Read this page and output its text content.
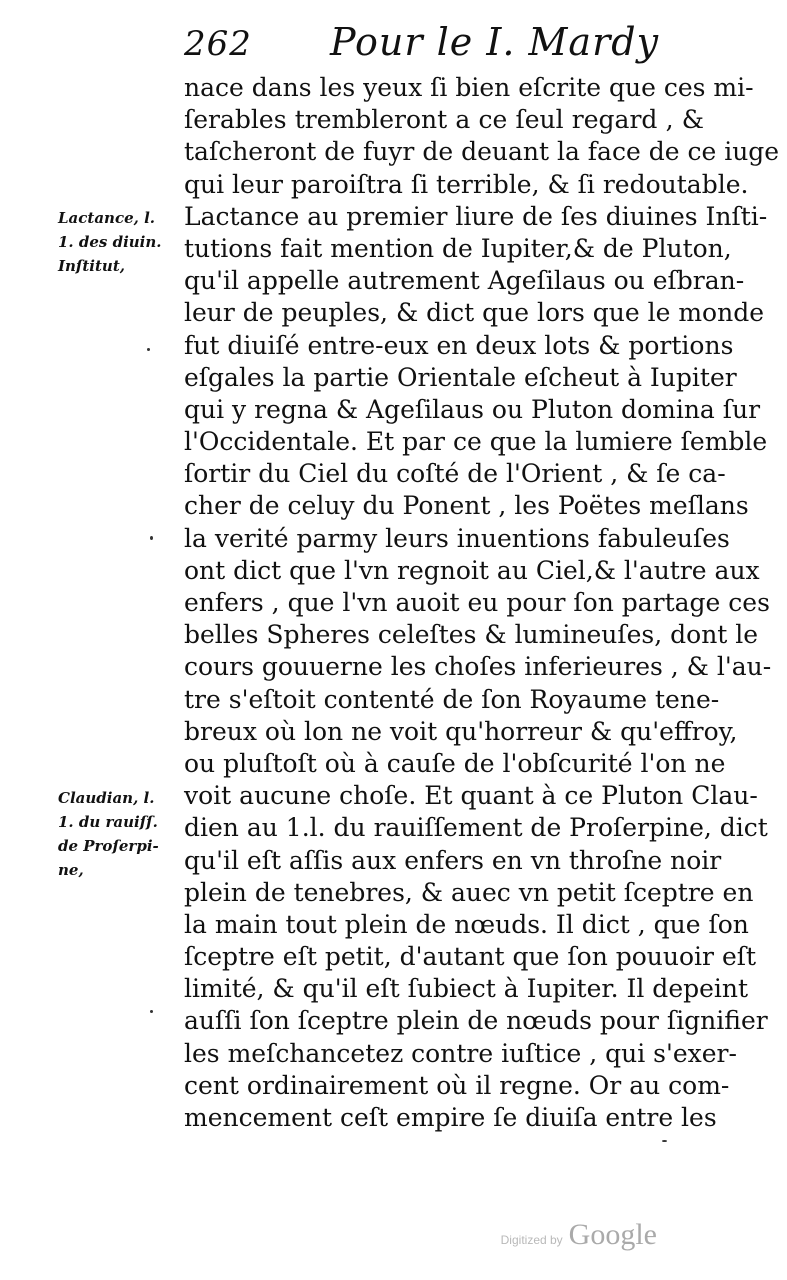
262 Pour le I. Mardy
Lactance, l.
1. des diuin.
Inſtitut,
Claudian, l.
1. du rauiſſ.
de Proſerpi-
ne,
nace dans les yeux ſi bien eſcrite que ces mi-
ſerables trembleront a ce ſeul regard , &
taſcheront de fuyr de deuant la face de ce iuge
qui leur paroiſtra ſi terrible, & ſi redoutable.
Lactance au premier liure de ſes diuines Inſti-
tutions fait mention de Iupiter,& de Pluton,
qu'il appelle autrement Ageſilaus ou eſbran-
leur de peuples, & dict que lors que le monde
fut diuiſé entre-eux en deux lots & portions
eſgales la partie Orientale eſcheut à Iupiter
qui y regna & Ageſilaus ou Pluton domina ſur
l'Occidentale. Et par ce que la lumiere ſemble
ſortir du Ciel du coſté de l'Orient , & ſe ca-
cher de celuy du Ponent , les Poëtes meſlans
la verité parmy leurs inuentions fabuleuſes
ont dict que l'vn regnoit au Ciel,& l'autre aux
enfers , que l'vn auoit eu pour ſon partage ces
belles Spheres celeſtes & lumineuſes, dont le
cours gouuerne les choſes inferieures , & l'au-
tre s'eſtoit contenté de ſon Royaume tene-
breux où lon ne voit qu'horreur & qu'effroy,
ou pluſtoſt où à cauſe de l'obſcurité l'on ne
voit aucune choſe. Et quant à ce Pluton Clau-
dien au 1.l. du rauiſſement de Proſerpine, dict
qu'il eſt aſſis aux enfers en vn throſne noir
plein de tenebres, & auec vn petit ſceptre en
la main tout plein de nœuds. Il dict , que ſon
ſceptre eſt petit, d'autant que ſon pouuoir eſt
limité, & qu'il eſt ſubiect à Iupiter. Il depeint
auſſi ſon ſceptre plein de nœuds pour ſignifier
les meſchancetez contre iuſtice , qui s'exer-
cent ordinairement où il regne. Or au com-
mencement ceſt empire ſe diuiſa entre les
Digitized by Google
